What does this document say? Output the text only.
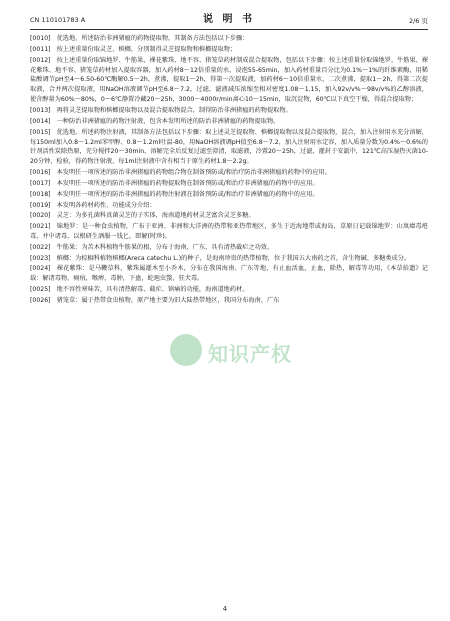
CN 110101783 A	说 明 书	2/6 页
[0010] 优选地，所述防治非洲猪瘟的药物提取物，其制备方法包括以下步骤：
[0011] 按上述重量份取灵芝、槟榔，分别制得灵芝提取物和槟榔提取物；
[0012] 按上述重量份取锦地罗、牛筋果、裸花紫珠、地不容、猪笼草药材制成混合提取物，包括以下步骤：按上述重量份取锦地罗、牛筋果、裸花紫珠、地不容、猪笼草药材加入提取容器，加入药材8～12倍重量的水，浸泡55-65min，加入药材重量百分比为0.1%～1%的纤维素酶，用稀盐酸调节pH至4～6.50-60℃酶解0.5～2h，煮沸，提取1～2h，得第一次提取液，加药材6～10倍重量水，二次煮沸，提取1～2h，得第二次提取液，合并两次提取液，用NaOH溶液调节pH至6.8～7.2，过滤，滤液减压浓缩至相对密度1.08～1.15，加入92v/v%～98v/v%的乙醇溶液，使含醇量为60%～80%，0～6℃静置冷藏20～25h，3000～4000r/min离心10～15min，取沉淀物，60℃以下真空干燥，得混合提取物；
[0013] 再将灵芝提取物和槟榔提取物以及混合提取物混合，制得防治非洲猪瘟的药物提取物。
[0014] 一种防治非洲猪瘟的药物注射液，包含本发明所述的防治非洲猪瘟的药物提取物。
[0015] 优选地，所述药物注射液，其制备方法包括以下步骤：取上述灵芝提取物、槟榔提取物以及混合提取物，混合，加入注射用水充分溶解，每150ml加入0.8～1.2ml苯甲醇、0.8～1.2ml吐温-80，用NaOH溶液调pH值至6.8～7.2，加入注射用水定容，加入质量分数为0.4%～0.6%的针剂活性炭除热原，充分搅拌20～30min，溶解完全后反复过滤至澄清，取滤液，冷置20～25h，过滤，灌封于安瓿中，121℃高压湿热灭菌10-20分钟，检验，得药物注射液，每1ml注射液中含有相当于原生药材1.8～2.2g。
[0016] 本发明任一项所述的防治非洲猪瘟的药物组合物在制备预防或/和治疗防治非洲猪瘟的药物中的应用。
[0017] 本发明任一项所述的防治非洲猪瘟的药物提取物在制备预防或/和治疗非洲猪瘟的药物中的应用。
[0018] 本发明任一项所述的防治非洲猪瘟的药物注射液在制备预防或/和治疗非洲猪瘟的药物中的应用。
[0019] 本发明各药材药性、功能成分介绍：
[0020] 灵芝：为多孔菌科真菌灵芝的子实体，海南道地药材灵芝富含灵芝多糖。
[0021] 锦地罗：是一种食虫植物，广布于亚洲、非洲和大洋洲的热带和亚热带地区，多生于近海地带或海岛，草原日记载锦地罗：山岚瘴毒疮毒，并中诸毒，以根研生酒服一钱匕，即解(时珍)。
[0022] 牛筋果：为苦木科植物牛筋果的根，分布于海南、广东，具有清热截疟之功效。
[0023] 槟榔：为棕榈科植物槟榔(Areca catechu L.)的种子，是海南珍贵的热带植物，位于我国五大南药之首，含生物碱、多糖类成分。
[0024] 裸花紫珠：是马鞭草科、紫珠属灌木至小乔木，分布在我国海南、广东等地，有止血活血，止血，除热，解毒等功用，《本草拾遗》记载：解诸毒物，痈疽，喉痹，毒肿，下蛊，蛇虺虫螫，狂犬毒。
[0025] 地不容性寒味苦，具有清热解毒、截疟、镇痛的功能，海南道地药材。
[0026] 猪笼草：属于热带食虫植物，原产地主要为旧大陆热带地区，我国分布海南、广东
知识产权
4
